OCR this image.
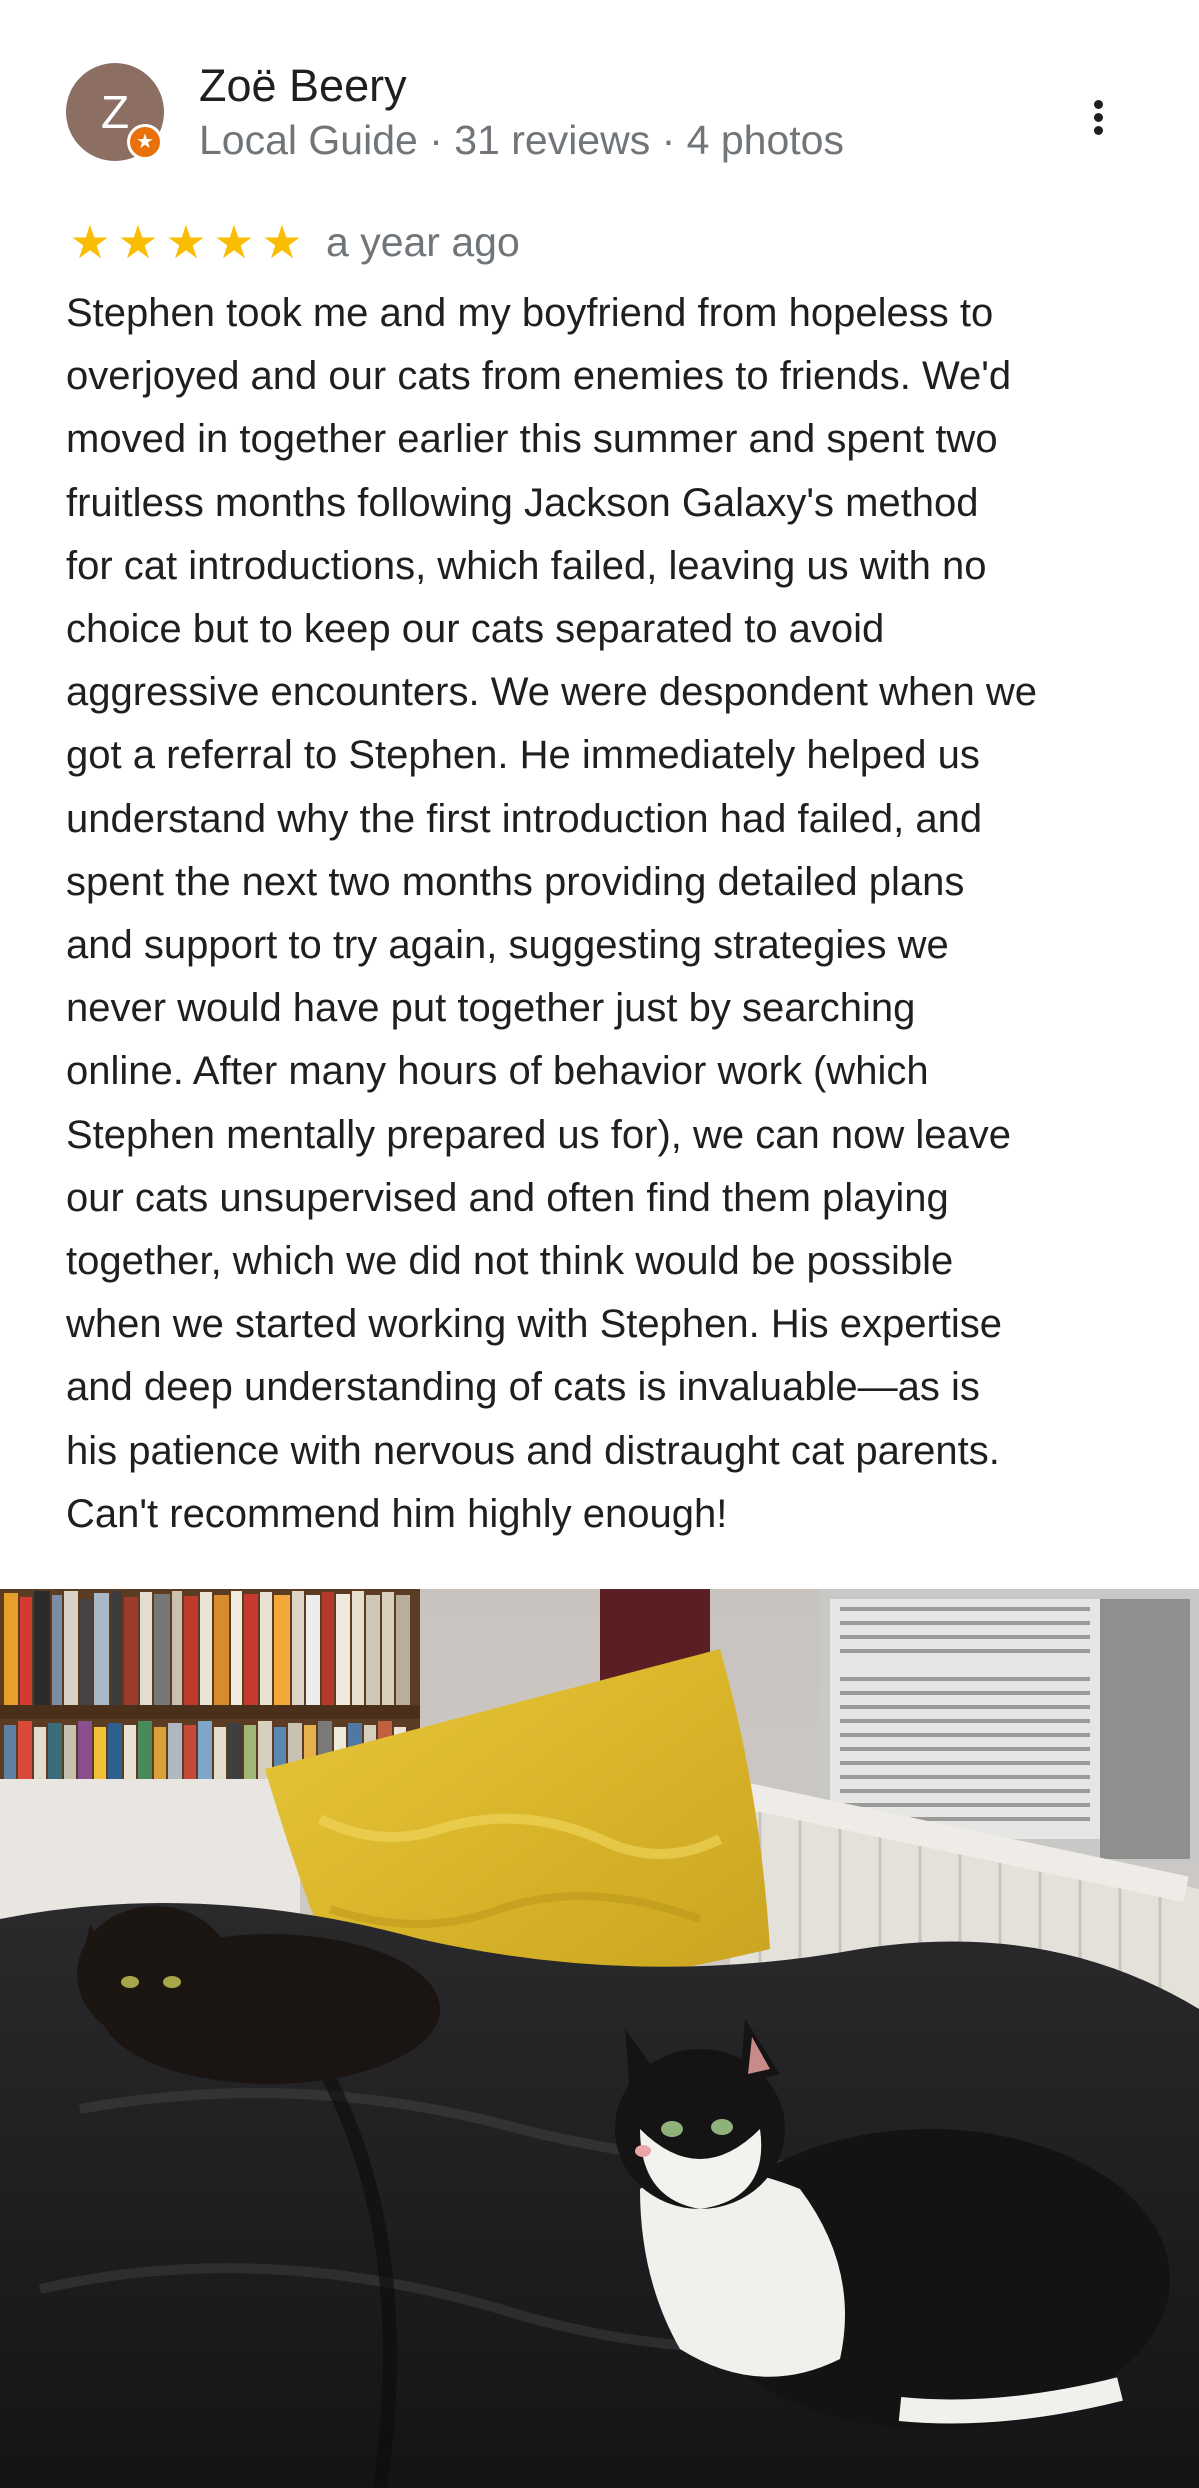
Z
★
Zoë Beery
Local Guide · 31 reviews · 4 photos
★ ★ ★ ★ ★ a year ago

Stephen took me and my boyfriend from hopeless to
overjoyed and our cats from enemies to friends. We'd
moved in together earlier this summer and spent two
fruitless months following Jackson Galaxy's method
for cat introductions, which failed, leaving us with no
choice but to keep our cats separated to avoid
aggressive encounters. We were despondent when we
got a referral to Stephen. He immediately helped us
understand why the first introduction had failed, and
spent the next two months providing detailed plans
and support to try again, suggesting strategies we
never would have put together just by searching
online. After many hours of behavior work (which
Stephen mentally prepared us for), we can now leave
our cats unsupervised and often find them playing
together, which we did not think would be possible
when we started working with Stephen. His expertise
and deep understanding of cats is invaluable—as is
his patience with nervous and distraught cat parents.
Can't recommend him highly enough!
